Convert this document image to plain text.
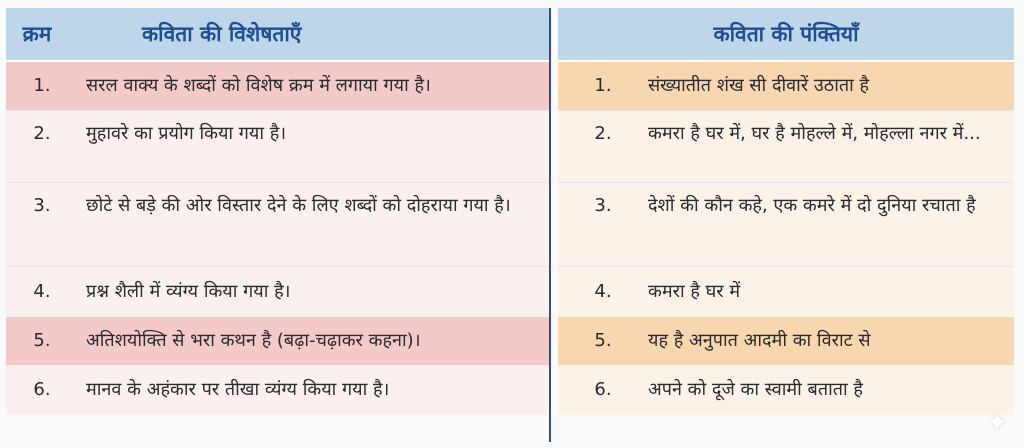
क्रम	कविता की विशेषताएँ
1.	सरल वाक्य के शब्दों को विशेष क्रम में लगाया गया है।
2.	मुहावरे का प्रयोग किया गया है।
3.	छोटे से बड़े की ओर विस्तार देने के लिए शब्दों को दोहराया गया है।
4.	प्रश्न शैली में व्यंग्य किया गया है।
5.	अतिशयोक्ति से भरा कथन है (बढ़ा-चढ़ाकर कहना)।
6.	मानव के अहंकार पर तीखा व्यंग्य किया गया है।
कविता की पंक्तियाँ
1.	संख्यातीत शंख सी दीवारें उठाता है
2.	कमरा है घर में, घर है मोहल्ले में, मोहल्ला नगर में...
3.	देशों की कौन कहे, एक कमरे में दो दुनिया रचाता है
4.	कमरा है घर में
5.	यह है अनुपात आदमी का विराट से
6.	अपने को दूजे का स्वामी बताता है
✦
